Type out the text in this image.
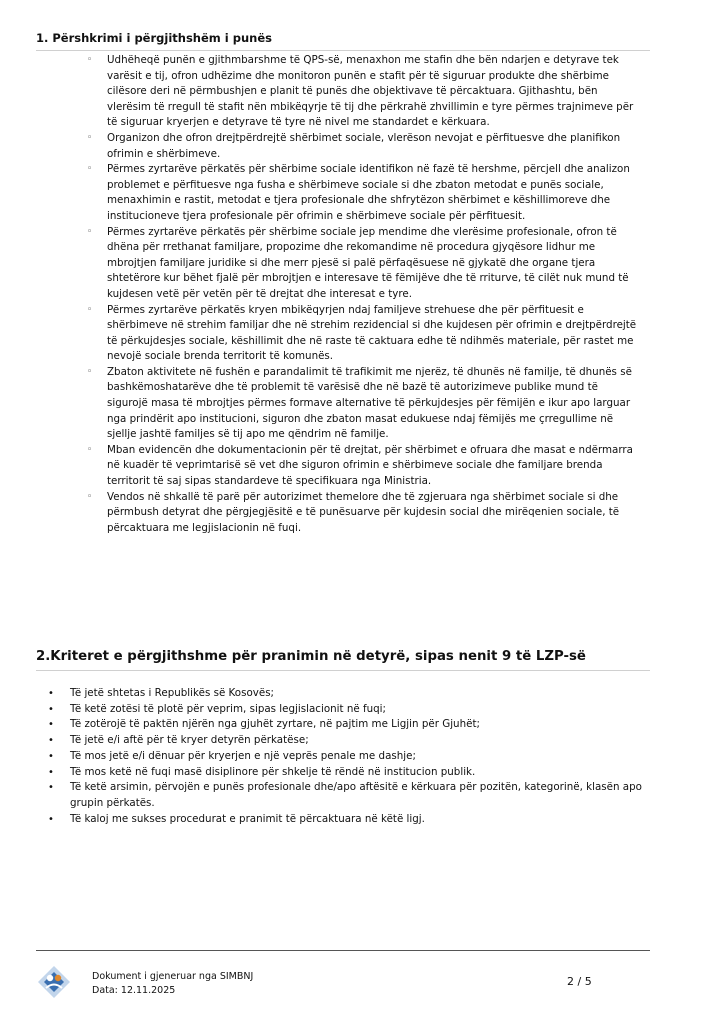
1. Përshkrimi i përgjithshëm i punës
◦ Udhëheqë punën e gjithmbarshme të QPS-së, menaxhon me stafin dhe bën ndarjen e detyrave tek varësit e tij, ofron udhëzime dhe monitoron punën e stafit për të siguruar produkte dhe shërbime cilësore deri në përmbushjen e planit të punës dhe objektivave të përcaktuara. Gjithashtu, bën vlerësim të rregull të stafit nën mbikëqyrje të tij dhe përkrahë zhvillimin e tyre përmes trajnimeve për të siguruar kryerjen e detyrave të tyre në nivel me standardet e kërkuara.
◦ Organizon dhe ofron drejtpërdrejtë shërbimet sociale, vlerëson nevojat e përfituesve dhe planifikon ofrimin e shërbimeve.
◦ Përmes zyrtarëve përkatës për shërbime sociale identifikon në fazë të hershme, përcjell dhe analizon problemet e përfituesve nga fusha e shërbimeve sociale si dhe zbaton metodat e punës sociale, menaxhimin e rastit, metodat e tjera profesionale dhe shfrytëzon shërbimet e këshillimoreve dhe institucioneve tjera profesionale për ofrimin e shërbimeve sociale për përfituesit.
◦ Përmes zyrtarëve përkatës për shërbime sociale jep mendime dhe vlerësime profesionale, ofron të dhëna për rrethanat familjare, propozime dhe rekomandime në procedura gjyqësore lidhur me mbrojtjen familjare juridike si dhe merr pjesë si palë përfaqësuese në gjykatë dhe organe tjera shtetërore kur bëhet fjalë për mbrojtjen e interesave të fëmijëve dhe të rriturve, të cilët nuk mund të kujdesen vetë për vetën për të drejtat dhe interesat e tyre.
◦ Përmes zyrtarëve përkatës kryen mbikëqyrjen ndaj familjeve strehuese dhe për përfituesit e shërbimeve në strehim familjar dhe në strehim rezidencial si dhe kujdesen për ofrimin e drejtpërdrejtë të përkujdesjes sociale, këshillimit dhe në raste të caktuara edhe të ndihmës materiale, për rastet me nevojë sociale brenda territorit të komunës.
◦ Zbaton aktivitete në fushën e parandalimit të trafikimit me njerëz, të dhunës në familje, të dhunës së bashkëmoshatarëve dhe të problemit të varësisë dhe në bazë të autorizimeve publike mund të sigurojë masa të mbrojtjes përmes formave alternative të përkujdesjes për fëmijën e ikur apo larguar nga prindërit apo institucioni, siguron dhe zbaton masat edukuese ndaj fëmijës me çrregullime në sjellje jashtë familjes së tij apo me qëndrim në familje.
◦ Mban evidencën dhe dokumentacionin për të drejtat, për shërbimet e ofruara dhe masat e ndërmarra në kuadër të veprimtarisë së vet dhe siguron ofrimin e shërbimeve sociale dhe familjare brenda territorit të saj sipas standardeve të specifikuara nga Ministria.
◦ Vendos në shkallë të parë për autorizimet themelore dhe të zgjeruara nga shërbimet sociale si dhe përmbush detyrat dhe përgjegjësitë e të punësuarve për kujdesin social dhe mirëqenien sociale, të përcaktuara me legjislacionin në fuqi.
2.Kriteret e përgjithshme për pranimin në detyrë, sipas nenit 9 të LZP-së
• Të jetë shtetas i Republikës së Kosovës;
• Të ketë zotësi të plotë për veprim, sipas legjislacionit në fuqi;
• Të zotërojë të paktën njërën nga gjuhët zyrtare, në pajtim me Ligjin për Gjuhët;
• Të jetë e/i aftë për të kryer detyrën përkatëse;
• Të mos jetë e/i dënuar për kryerjen e një veprës penale me dashje;
• Të mos ketë në fuqi masë disiplinore për shkelje të rëndë në institucion publik.
• Të ketë arsimin, përvojën e punës profesionale dhe/apo aftësitë e kërkuara për pozitën, kategorinë, klasën apo grupin përkatës.
• Të kaloj me sukses procedurat e pranimit të përcaktuara në këtë ligj.
Dokument i gjeneruar nga SIMBNJ
Data: 12.11.2025
2 / 5
